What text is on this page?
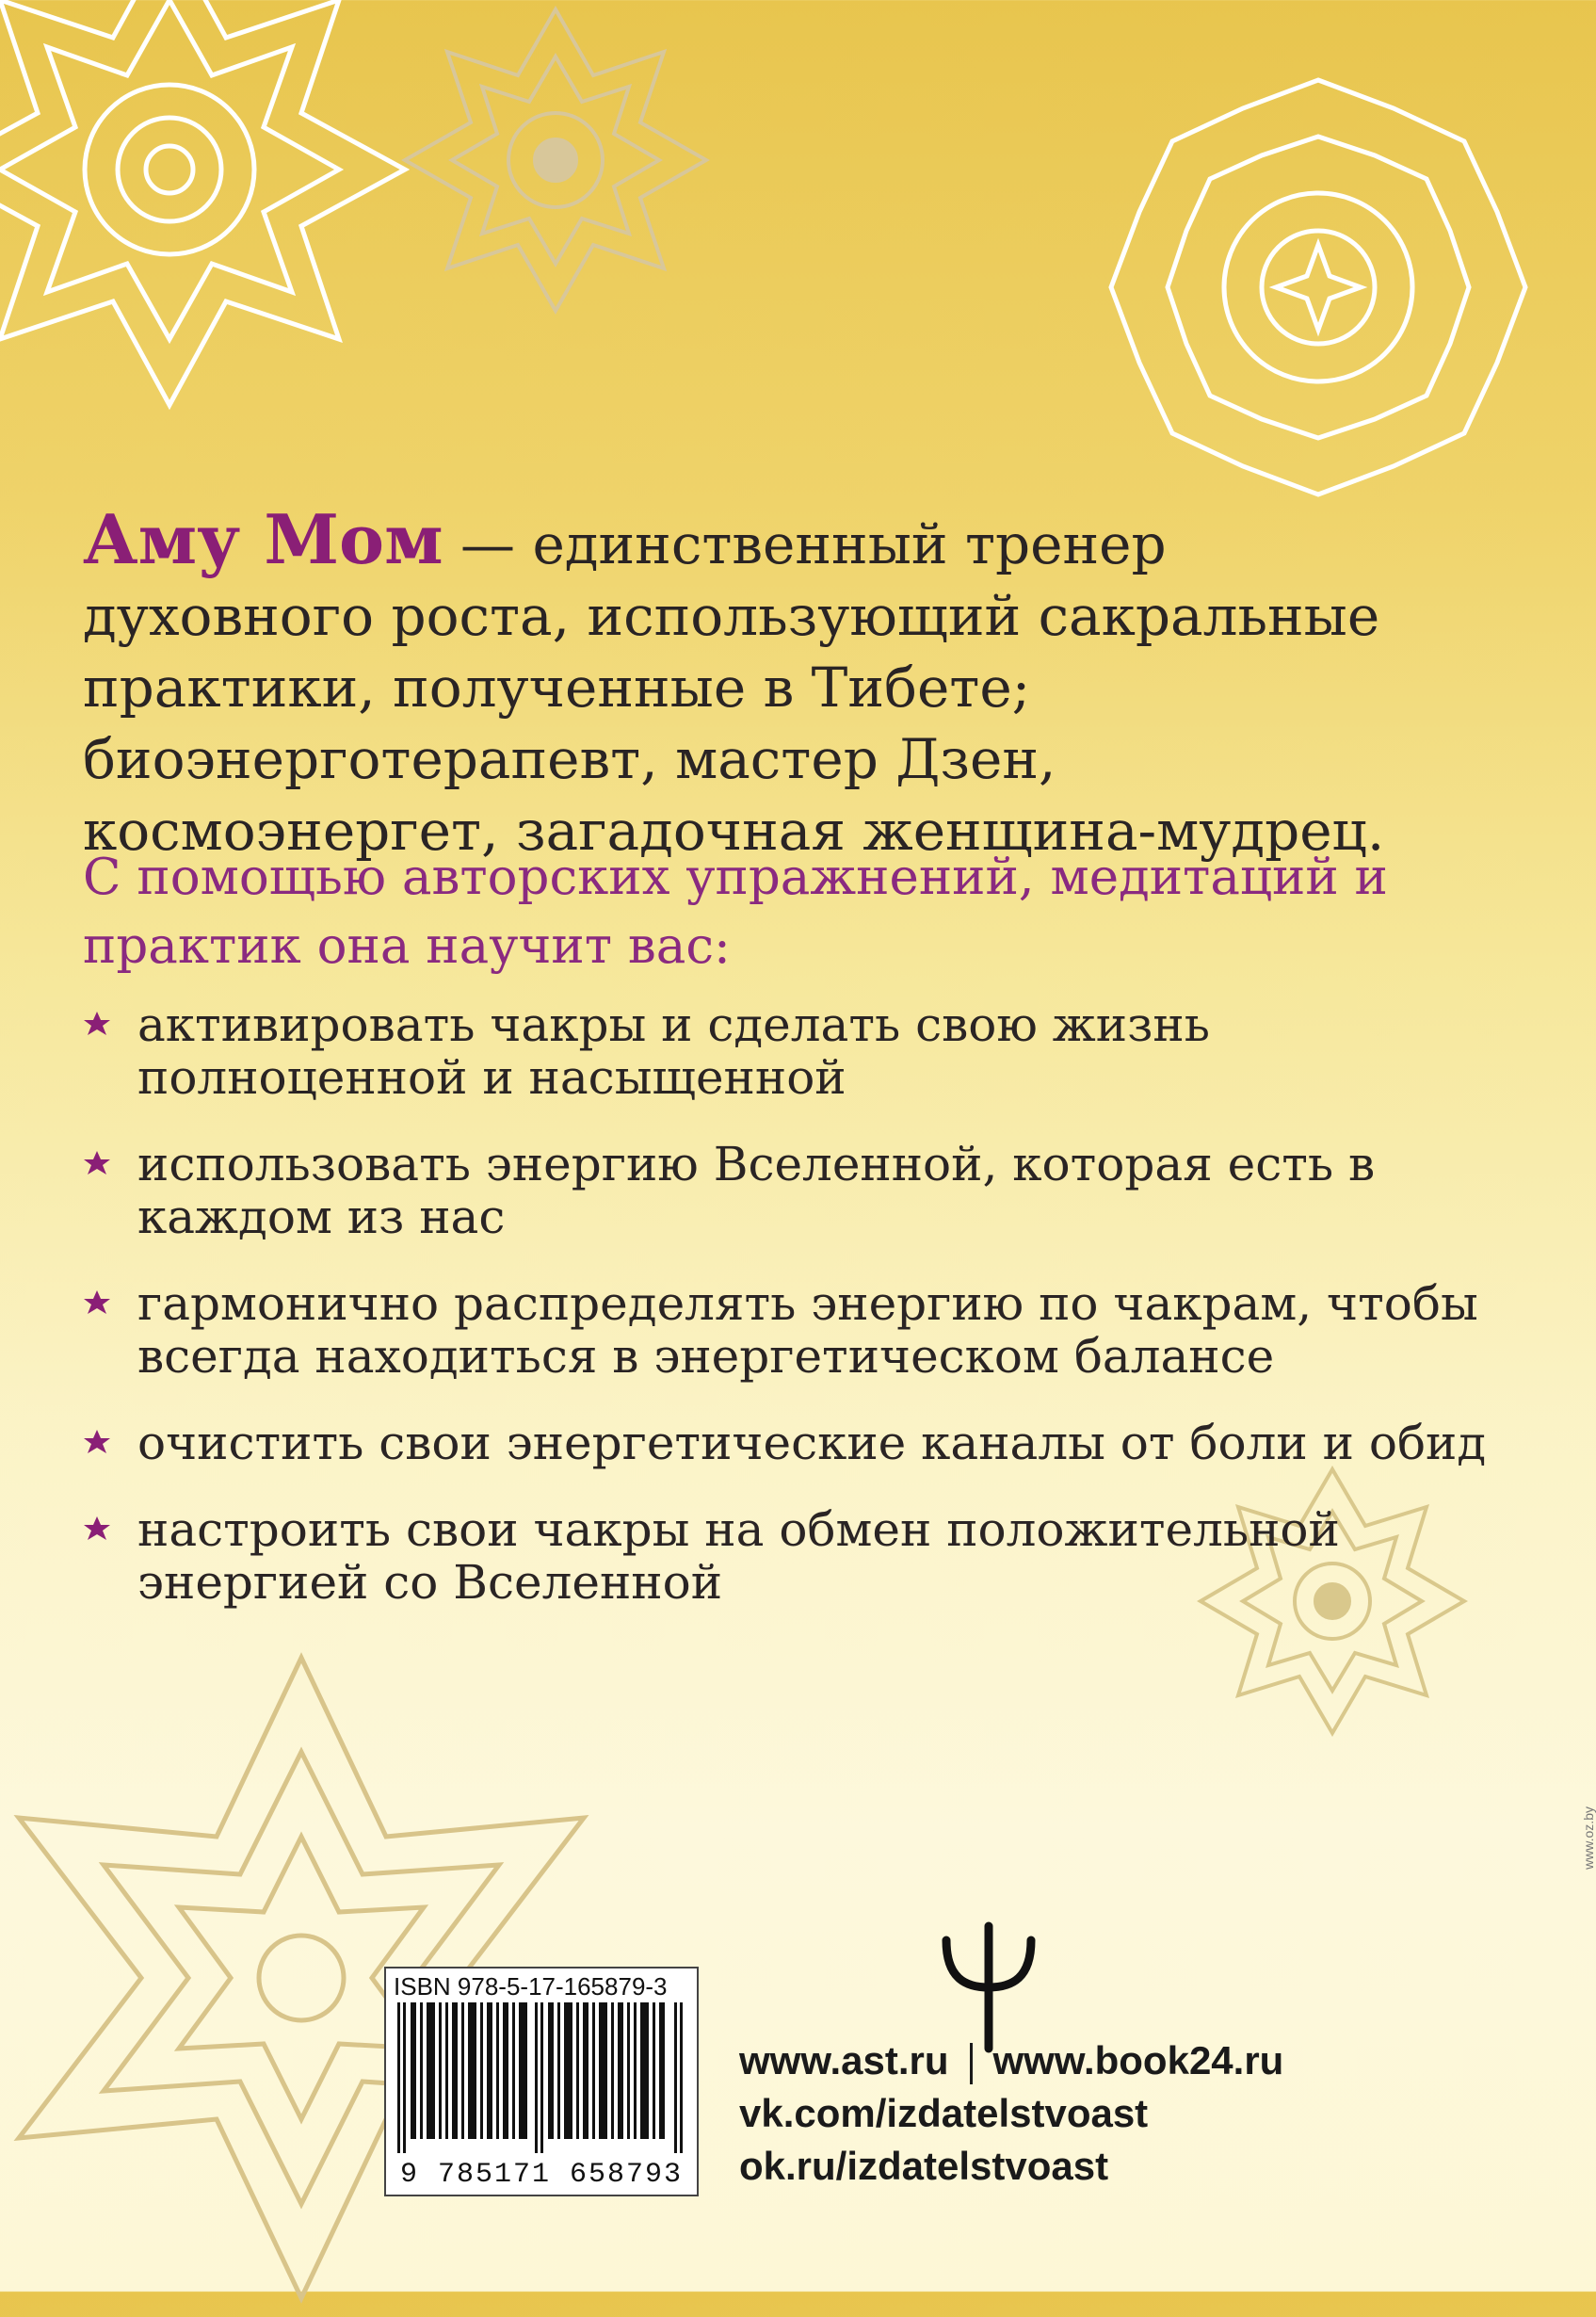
Аму Мом — единственный тренер духовного роста, использующий сакральные практики, полученные в Тибете; биоэнерготерапевт, мастер Дзен, космоэнергет, загадочная женщина-мудрец.

С помощью авторских упражнений, медитаций и практик она научит вас:

активировать чакры и сделать свою жизнь полноценной и насыщенной
использовать энергию Вселенной, которая есть в каждом из нас
гармонично распределять энергию по чакрам, чтобы всегда находиться в энергетическом балансе
очистить свои энергетические каналы от боли и обид
настроить свои чакры на обмен положительной энергией со Вселенной
ISBN 978-5-17-165879-3
9 785171 658793
www.ast.ru www.book24.ru
vk.com/izdatelstvoast
ok.ru/izdatelstvoast
www.oz.by
